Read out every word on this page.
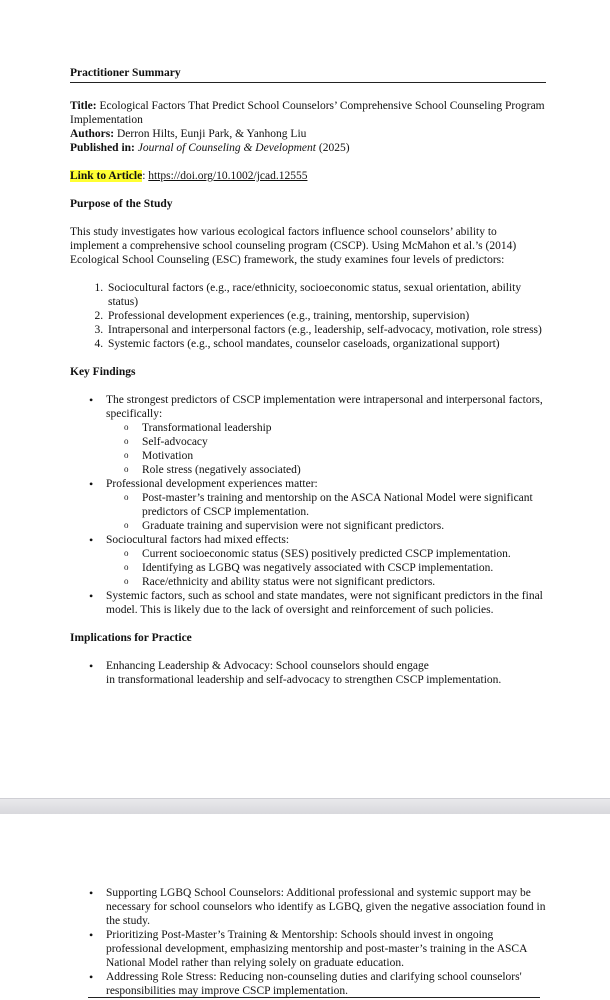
Practitioner Summary

Title: Ecological Factors That Predict School Counselors’ Comprehensive School Counseling Program Implementation

Authors: Derron Hilts, Eunji Park, & Yanhong Liu

Published in: Journal of Counseling & Development (2025)

Link to Article: https://doi.org/10.1002/jcad.12555

Purpose of the Study

This study investigates how various ecological factors influence school counselors’ ability to implement a comprehensive school counseling program (CSCP). Using McMahon et al.’s (2014) Ecological School Counseling (ESC) framework, the study examines four levels of predictors:

1. Sociocultural factors (e.g., race/ethnicity, socioeconomic status, sexual orientation, ability status)
2. Professional development experiences (e.g., training, mentorship, supervision)
3. Intrapersonal and interpersonal factors (e.g., leadership, self-advocacy, motivation, role stress)
4. Systemic factors (e.g., school mandates, counselor caseloads, organizational support)

Key Findings

• The strongest predictors of CSCP implementation were intrapersonal and interpersonal factors, specifically:
o Transformational leadership
o Self-advocacy
o Motivation
o Role stress (negatively associated)
• Professional development experiences matter:
o Post-master’s training and mentorship on the ASCA National Model were significant predictors of CSCP implementation.
o Graduate training and supervision were not significant predictors.
• Sociocultural factors had mixed effects:
o Current socioeconomic status (SES) positively predicted CSCP implementation.
o Identifying as LGBQ was negatively associated with CSCP implementation.
o Race/ethnicity and ability status were not significant predictors.
• Systemic factors, such as school and state mandates, were not significant predictors in the final model. This is likely due to the lack of oversight and reinforcement of such policies.

Implications for Practice

• Enhancing Leadership & Advocacy: School counselors should engage
in transformational leadership and self-advocacy to strengthen CSCP implementation.
• Supporting LGBQ School Counselors: Additional professional and systemic support may be necessary for school counselors who identify as LGBQ, given the negative association found in the study.
• Prioritizing Post-Master’s Training & Mentorship: Schools should invest in ongoing professional development, emphasizing mentorship and post-master’s training in the ASCA National Model rather than relying solely on graduate education.
• Addressing Role Stress: Reducing non-counseling duties and clarifying school counselors' responsibilities may improve CSCP implementation.
